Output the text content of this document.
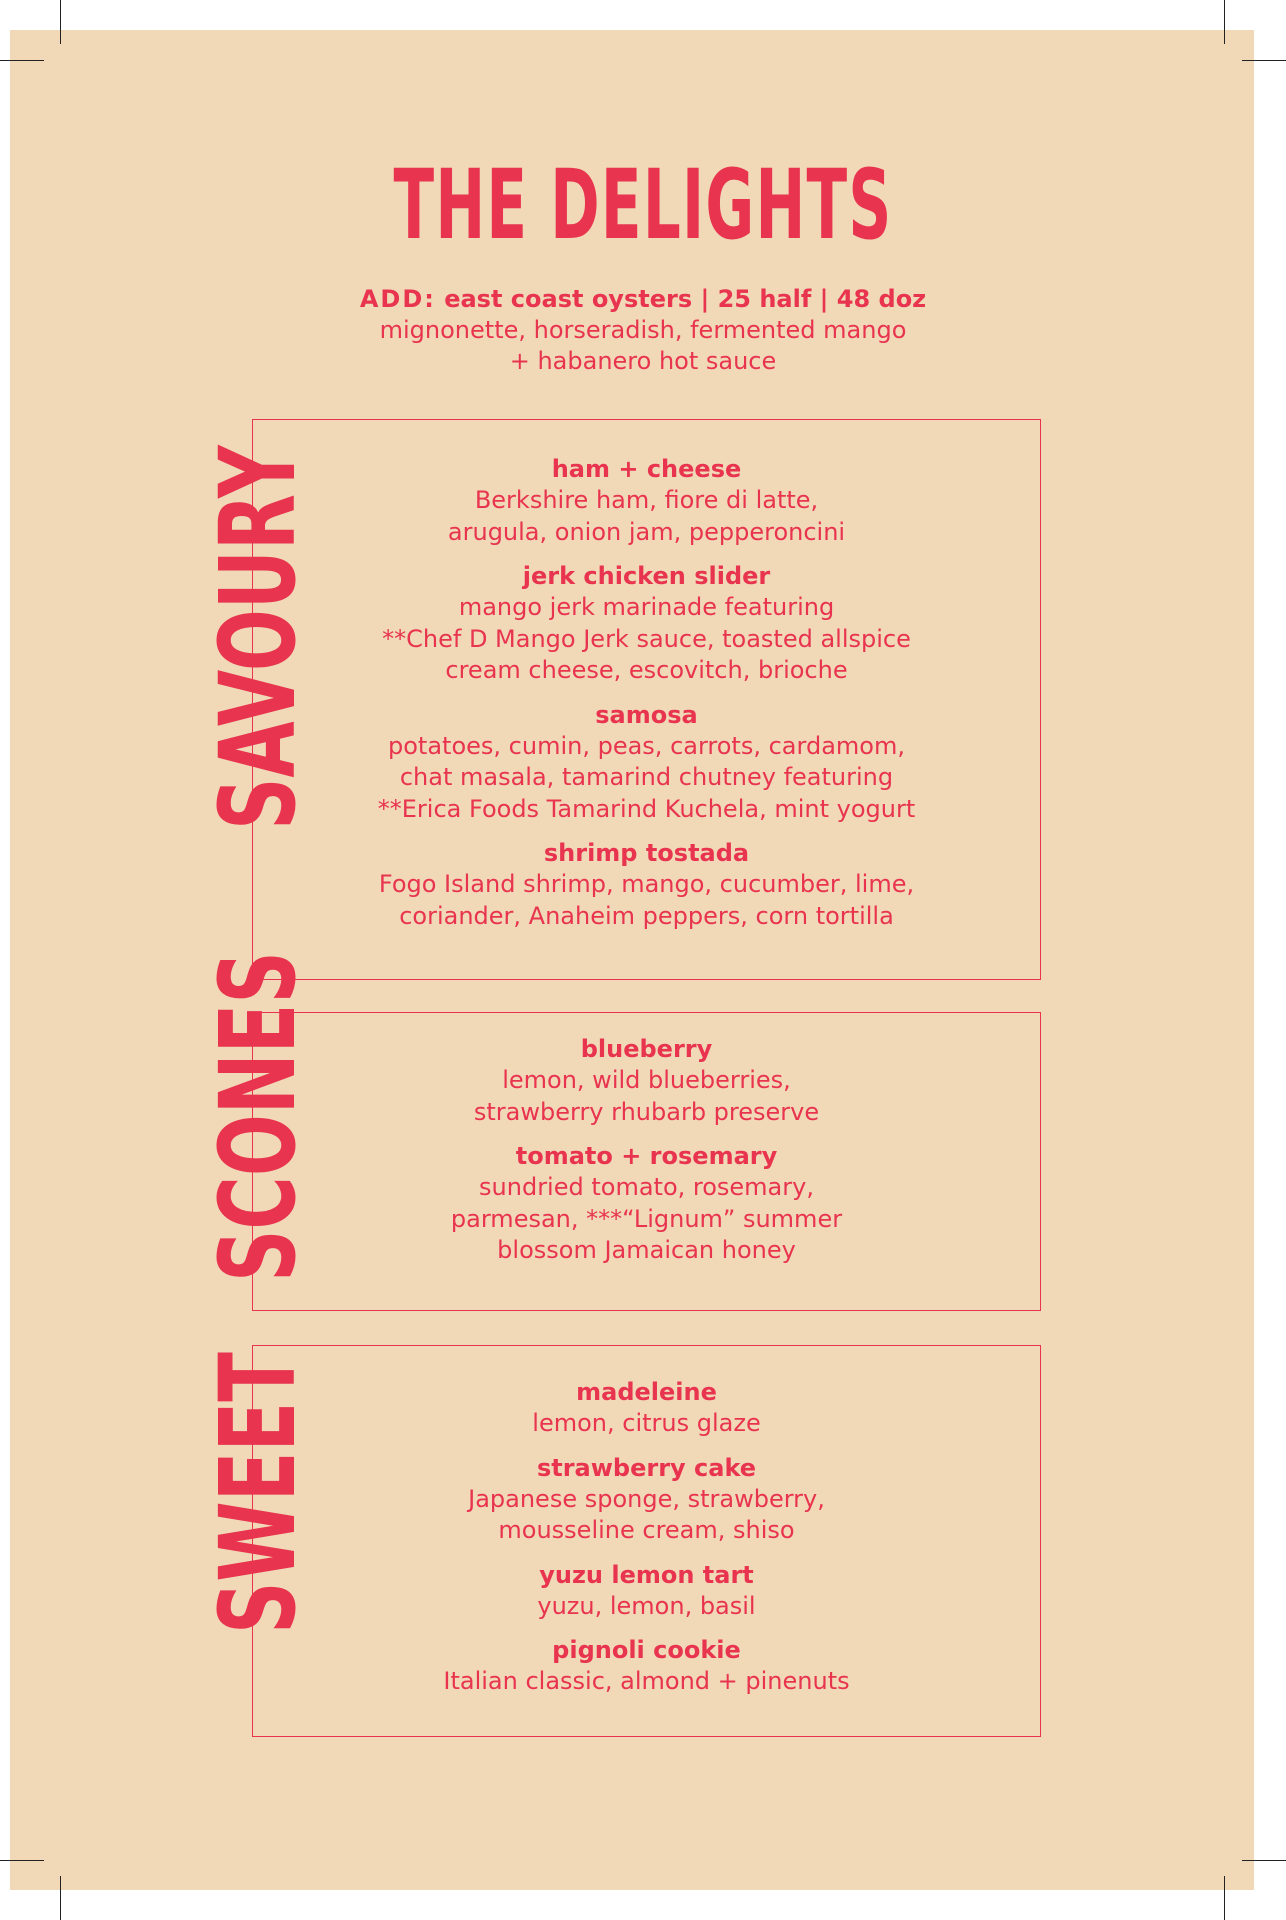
THE DELIGHTS
ADD: east coast oysters | 25 half | 48 doz
mignonette, horseradish, fermented mango
+ habanero hot sauce
ham + cheese
Berkshire ham, fiore di latte,
arugula, onion jam, pepperoncini
jerk chicken slider
mango jerk marinade featuring
**Chef D Mango Jerk sauce, toasted allspice
cream cheese, escovitch, brioche
samosa
potatoes, cumin, peas, carrots, cardamom,
chat masala, tamarind chutney featuring
**Erica Foods Tamarind Kuchela, mint yogurt
shrimp tostada
Fogo Island shrimp, mango, cucumber, lime,
coriander, Anaheim peppers, corn tortilla
SAVOURY
blueberry
lemon, wild blueberries,
strawberry rhubarb preserve
tomato + rosemary
sundried tomato, rosemary,
parmesan, ***“Lignum” summer
blossom Jamaican honey
SCONES
madeleine
lemon, citrus glaze
strawberry cake
Japanese sponge, strawberry,
mousseline cream, shiso
yuzu lemon tart
yuzu, lemon, basil
pignoli cookie
Italian classic, almond + pinenuts
SWEET
